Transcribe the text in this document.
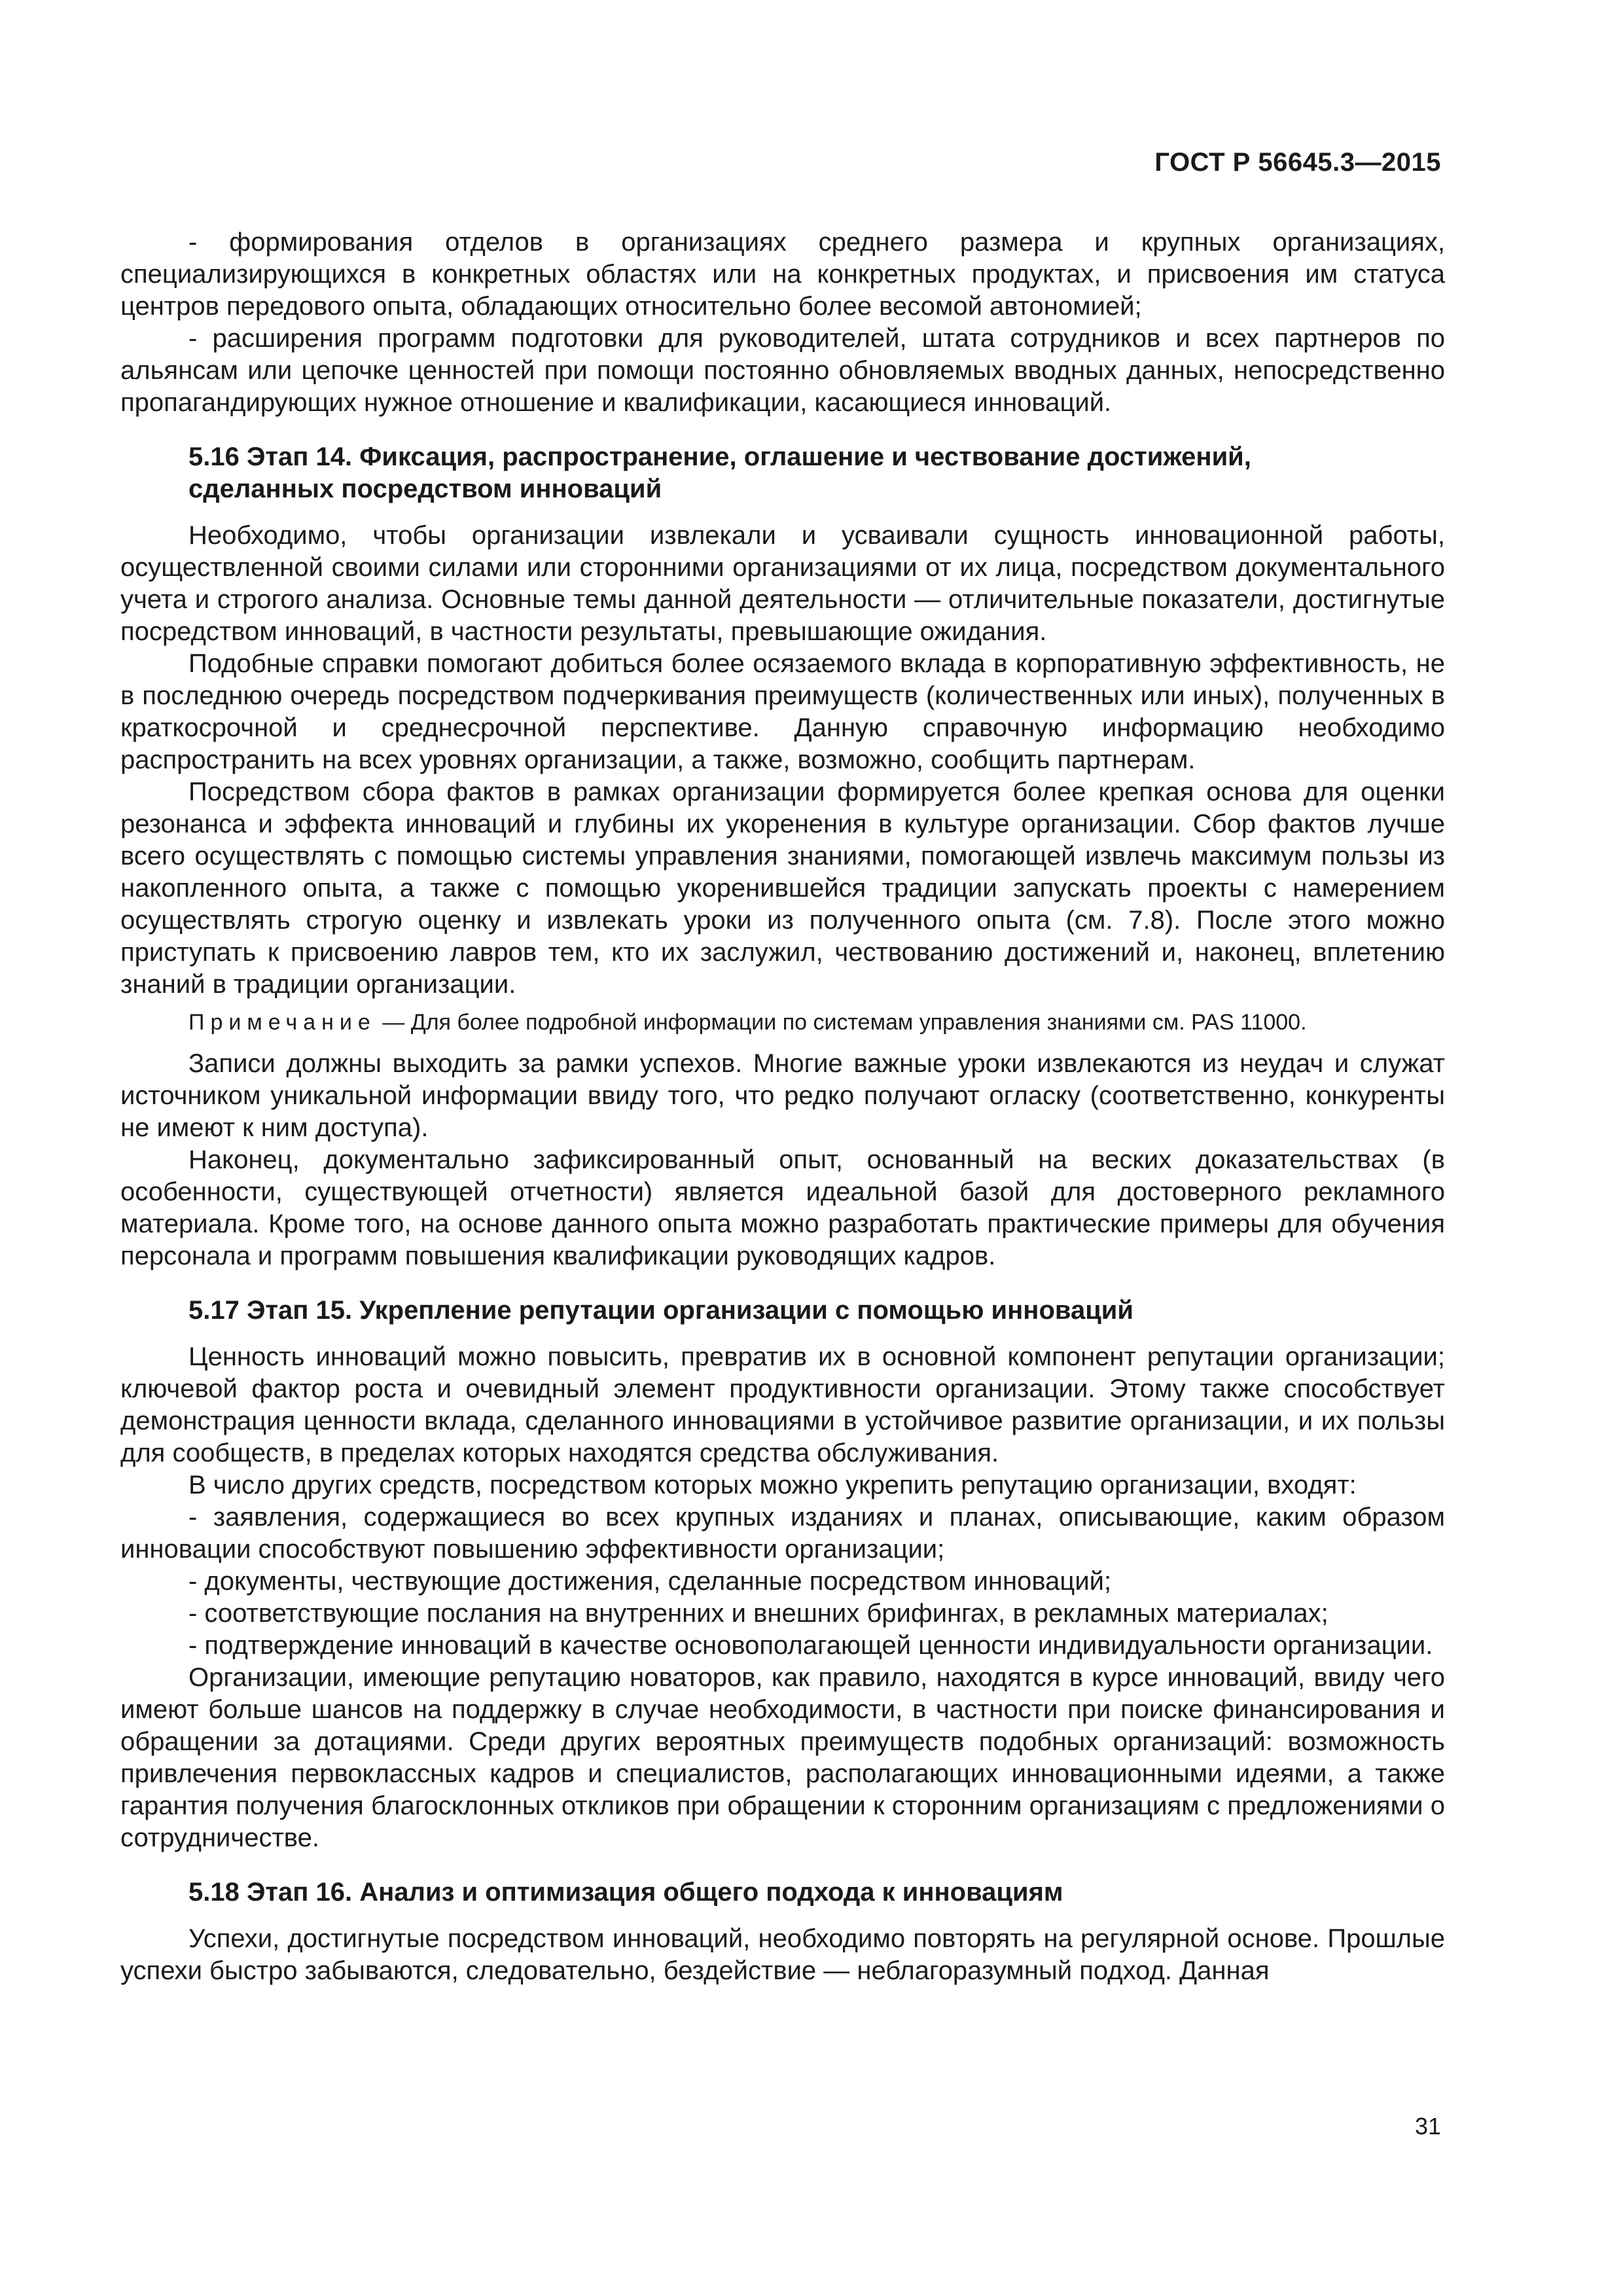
ГОСТ Р 56645.3—2015

- формирования отделов в организациях среднего размера и крупных организациях, специализирующихся в конкретных областях или на конкретных продуктах, и присвоения им статуса центров передового опыта, обладающих относительно более весомой автономией;

- расширения программ подготовки для руководителей, штата сотрудников и всех партнеров по альянсам или цепочке ценностей при помощи постоянно обновляемых вводных данных, непосредственно пропагандирующих нужное отношение и квалификации, касающиеся инноваций.

5.16 Этап 14. Фиксация, распространение, оглашение и чествование достижений,
сделанных посредством инноваций

Необходимо, чтобы организации извлекали и усваивали сущность инновационной работы, осуществленной своими силами или сторонними организациями от их лица, посредством документального учета и строгого анализа. Основные темы данной деятельности — отличительные показатели, достигнутые посредством инноваций, в частности результаты, превышающие ожидания.

Подобные справки помогают добиться более осязаемого вклада в корпоративную эффективность, не в последнюю очередь посредством подчеркивания преимуществ (количественных или иных), полученных в краткосрочной и среднесрочной перспективе. Данную справочную информацию необходимо распространить на всех уровнях организации, а также, возможно, сообщить партнерам.

Посредством сбора фактов в рамках организации формируется более крепкая основа для оценки резонанса и эффекта инноваций и глубины их укоренения в культуре организации. Сбор фактов лучше всего осуществлять с помощью системы управления знаниями, помогающей извлечь максимум пользы из накопленного опыта, а также с помощью укоренившейся традиции запускать проекты с намерением осуществлять строгую оценку и извлекать уроки из полученного опыта (см. 7.8). После этого можно приступать к присвоению лавров тем, кто их заслужил, чествованию достижений и, наконец, вплетению знаний в традиции организации.

Примечание — Для более подробной информации по системам управления знаниями см. PAS 11000.

Записи должны выходить за рамки успехов. Многие важные уроки извлекаются из неудач и служат источником уникальной информации ввиду того, что редко получают огласку (соответственно, конкуренты не имеют к ним доступа).

Наконец, документально зафиксированный опыт, основанный на веских доказательствах (в особенности, существующей отчетности) является идеальной базой для достоверного рекламного материала. Кроме того, на основе данного опыта можно разработать практические примеры для обучения персонала и программ повышения квалификации руководящих кадров.

5.17 Этап 15. Укрепление репутации организации с помощью инноваций

Ценность инноваций можно повысить, превратив их в основной компонент репутации организации; ключевой фактор роста и очевидный элемент продуктивности организации. Этому также способствует демонстрация ценности вклада, сделанного инновациями в устойчивое развитие организации, и их пользы для сообществ, в пределах которых находятся средства обслуживания.

В число других средств, посредством которых можно укрепить репутацию организации, входят:

- заявления, содержащиеся во всех крупных изданиях и планах, описывающие, каким образом инновации способствуют повышению эффективности организации;

- документы, чествующие достижения, сделанные посредством инноваций;

- соответствующие послания на внутренних и внешних брифингах, в рекламных материалах;

- подтверждение инноваций в качестве основополагающей ценности индивидуальности организации.

Организации, имеющие репутацию новаторов, как правило, находятся в курсе инноваций, ввиду чего имеют больше шансов на поддержку в случае необходимости, в частности при поиске финансирования и обращении за дотациями. Среди других вероятных преимуществ подобных организаций: возможность привлечения первоклассных кадров и специалистов, располагающих инновационными идеями, а также гарантия получения благосклонных откликов при обращении к сторонним организациям с предложениями о сотрудничестве.

5.18 Этап 16. Анализ и оптимизация общего подхода к инновациям

Успехи, достигнутые посредством инноваций, необходимо повторять на регулярной основе. Прошлые успехи быстро забываются, следовательно, бездействие — неблагоразумный подход. Данная

31
